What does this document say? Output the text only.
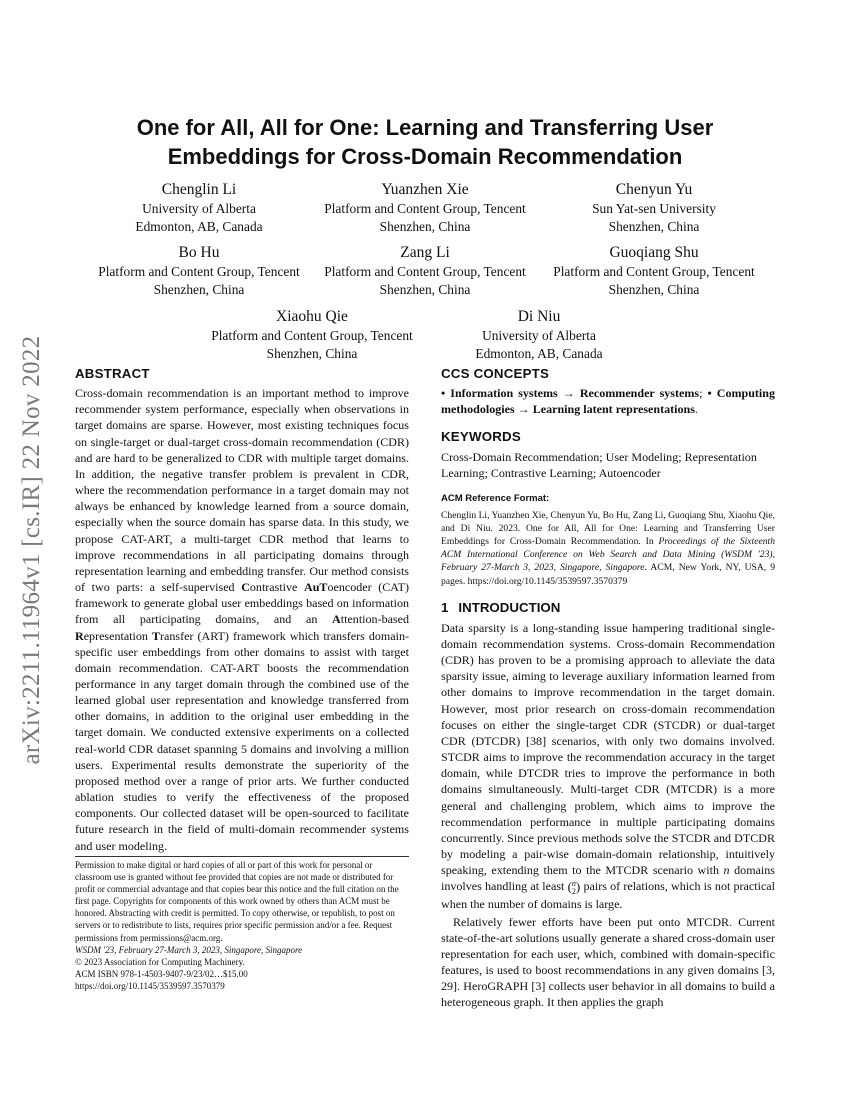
arXiv:2211.11964v1 [cs.IR] 22 Nov 2022
One for All, All for One: Learning and Transferring User
Embeddings for Cross-Domain Recommendation
Chenglin Li
University of Alberta
Edmonton, AB, Canada
Yuanzhen Xie
Platform and Content Group, Tencent
Shenzhen, China
Chenyun Yu
Sun Yat-sen University
Shenzhen, China
Bo Hu
Platform and Content Group, Tencent
Shenzhen, China
Zang Li
Platform and Content Group, Tencent
Shenzhen, China
Guoqiang Shu
Platform and Content Group, Tencent
Shenzhen, China
Xiaohu Qie
Platform and Content Group, Tencent
Shenzhen, China
Di Niu
University of Alberta
Edmonton, AB, Canada
ABSTRACT

Cross-domain recommendation is an important method to improve recommender system performance, especially when observations in target domains are sparse. However, most existing techniques focus on single-target or dual-target cross-domain recommendation (CDR) and are hard to be generalized to CDR with multiple target domains. In addition, the negative transfer problem is prevalent in CDR, where the recommendation performance in a target domain may not always be enhanced by knowledge learned from a source domain, especially when the source domain has sparse data. In this study, we propose CAT-ART, a multi-target CDR method that learns to improve recommendations in all participating domains through representation learning and embedding transfer. Our method consists of two parts: a self-supervised Contrastive AuToencoder (CAT) framework to generate global user embeddings based on information from all participating domains, and an Attention-based Representation Transfer (ART) framework which transfers domain-specific user embeddings from other domains to assist with target domain recommendation. CAT-ART boosts the recommendation performance in any target domain through the combined use of the learned global user representation and knowledge transferred from other domains, in addition to the original user embedding in the target domain. We conducted extensive experiments on a collected real-world CDR dataset spanning 5 domains and involving a million users. Experimental results demonstrate the superiority of the proposed method over a range of prior arts. We further conducted ablation studies to verify the effectiveness of the proposed components. Our collected dataset will be open-sourced to facilitate future research in the field of multi-domain recommender systems and user modeling.

Permission to make digital or hard copies of all or part of this work for personal or classroom use is granted without fee provided that copies are not made or distributed for profit or commercial advantage and that copies bear this notice and the full citation on the first page. Copyrights for components of this work owned by others than ACM must be honored. Abstracting with credit is permitted. To copy otherwise, or republish, to post on servers or to redistribute to lists, requires prior specific permission and/or a fee. Request permissions from permissions@acm.org.

WSDM '23, February 27-March 3, 2023, Singapore, Singapore

© 2023 Association for Computing Machinery.

ACM ISBN 978-1-4503-9407-9/23/02…$15.00

https://doi.org/10.1145/3539597.3570379

CCS CONCEPTS

• Information systems → Recommender systems; • Computing methodologies → Learning latent representations.

KEYWORDS

Cross-Domain Recommendation; User Modeling; Representation Learning; Contrastive Learning; Autoencoder

ACM Reference Format:

Chenglin Li, Yuanzhen Xie, Chenyun Yu, Bo Hu, Zang Li, Guoqiang Shu, Xiaohu Qie, and Di Niu. 2023. One for All, All for One: Learning and Transferring User Embeddings for Cross-Domain Recommendation. In Proceedings of the Sixteenth ACM International Conference on Web Search and Data Mining (WSDM '23), February 27-March 3, 2023, Singapore, Singapore. ACM, New York, NY, USA, 9 pages. https://doi.org/10.1145/3539597.3570379

1 INTRODUCTION

Data sparsity is a long-standing issue hampering traditional single-domain recommendation systems. Cross-domain Recommendation (CDR) has proven to be a promising approach to alleviate the data sparsity issue, aiming to leverage auxiliary information learned from other domains to improve recommendation in the target domain. However, most prior research on cross-domain recommendation focuses on either the single-target CDR (STCDR) or dual-target CDR (DTCDR) [38] scenarios, with only two domains involved. STCDR aims to improve the recommendation accuracy in the target domain, while DTCDR tries to improve the performance in both domains simultaneously. Multi-target CDR (MTCDR) is a more general and challenging problem, which aims to improve the recommendation performance in multiple participating domains concurrently. Since previous methods solve the STCDR and DTCDR by modeling a pair-wise domain-domain relationship, intuitively speaking, extending them to the MTCDR scenario with n domains involves handling at least (n
2) pairs of relations, which is not practical when the number of domains is large.

Relatively fewer efforts have been put onto MTCDR. Current state-of-the-art solutions usually generate a shared cross-domain user representation for each user, which, combined with domain-specific features, is used to boost recommendations in any given domains [3, 29]. HeroGRAPH [3] collects user behavior in all domains to build a heterogeneous graph. It then applies the graph
